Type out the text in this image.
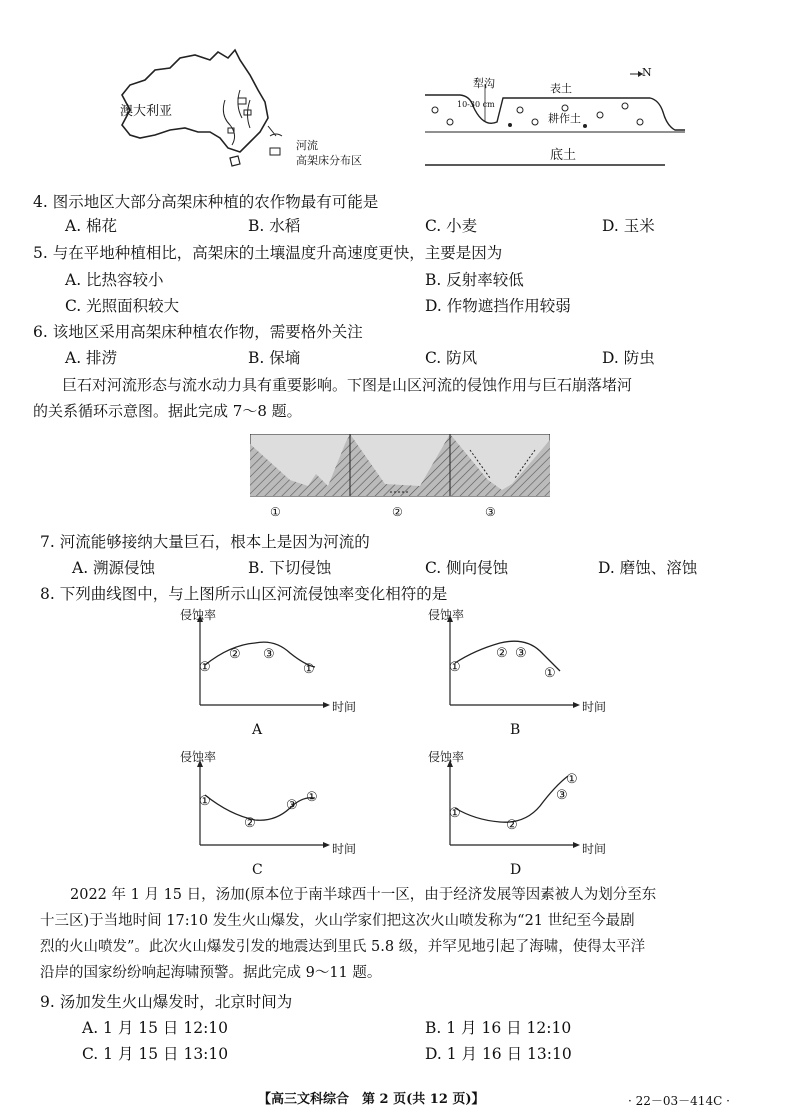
澳大利亚
河流
高架床分布区
犁沟	表土
10-30 cm
耕作土
底土
N
4. 图示地区大部分高架床种植的农作物最有可能是
A. 棉花	B. 水稻	C. 小麦	D. 玉米
5. 与在平地种植相比，高架床的土壤温度升高速度更快，主要是因为
A. 比热容较小	B. 反射率较低
C. 光照面积较大	D. 作物遮挡作用较弱
6. 该地区采用高架床种植农作物，需要格外关注
A. 排涝	B. 保墒	C. 防风	D. 防虫
巨石对河流形态与流水动力具有重要影响。下图是山区河流的侵蚀作用与巨石崩落堵河
的关系循环示意图。据此完成 7～8 题。
①	②	③
7. 河流能够接纳大量巨石，根本上是因为河流的
A. 溯源侵蚀	B. 下切侵蚀	C. 侧向侵蚀	D. 磨蚀、溶蚀
8. 下列曲线图中，与上图所示山区河流侵蚀率变化相符的是
侵蚀率
时间
①
② ③
①
A
侵蚀率
时间
①
② ③
①
B
侵蚀率
时间
①
②
③
①
C
侵蚀率
时间
①
②
③
①
D
2022 年 1 月 15 日，汤加(原本位于南半球西十一区，由于经济发展等因素被人为划分至东
十三区)于当地时间 17:10 发生火山爆发，火山学家们把这次火山喷发称为“21 世纪至今最剧
烈的火山喷发”。此次火山爆发引发的地震达到里氏 5.8 级，并罕见地引起了海啸，使得太平洋
沿岸的国家纷纷响起海啸预警。据此完成 9～11 题。
9. 汤加发生火山爆发时，北京时间为
A. 1 月 15 日 12:10	B. 1 月 16 日 12:10
C. 1 月 15 日 13:10	D. 1 月 16 日 13:10
【高三文科综合　第 2 页(共 12 页)】	· 22－03－414C ·
